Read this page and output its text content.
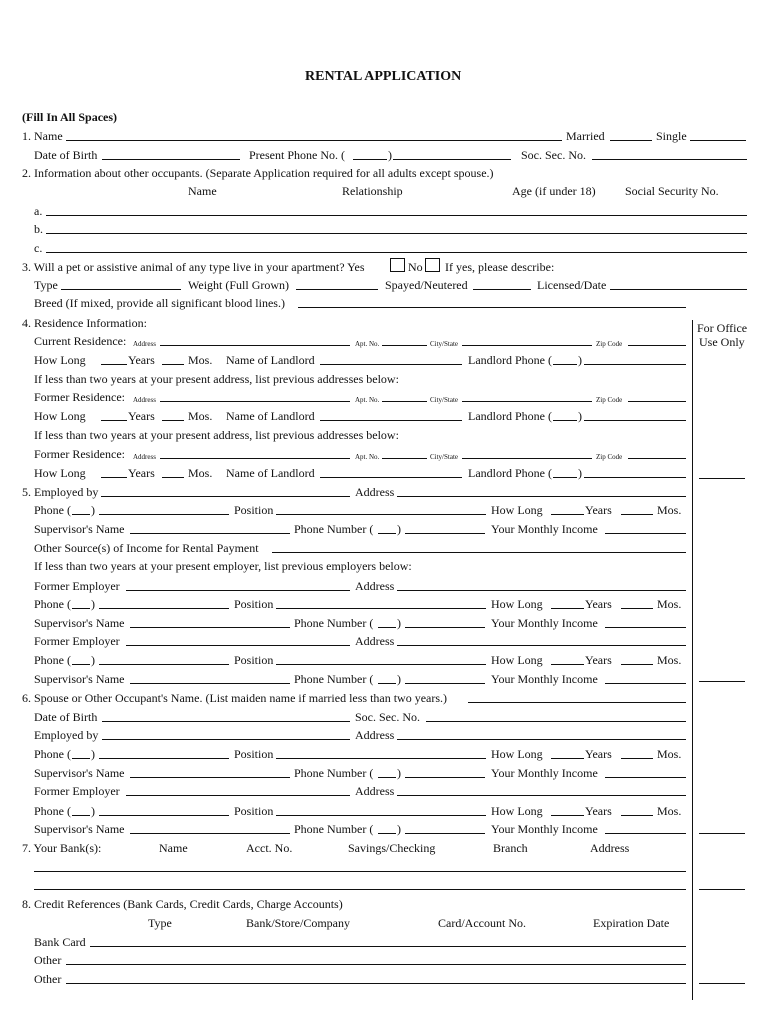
RENTAL APPLICATION
(Fill In All Spaces)
1. Name	Married	Single
Date of Birth	Present Phone No. (	)	Soc. Sec. No.
2. Information about other occupants. (Separate Application required for all adults except spouse.)
Name	Relationship	Age (if under 18) Social Security No.
a.
b.
c.
3. Will a pet or assistive animal of any type live in your apartment? Yes	No If yes, please describe:
Type	Weight (Full Grown)	Spayed/Neutered	Licensed/Date
Breed (If mixed, provide all significant blood lines.)
For Office
Use Only
4. Residence Information:
Current Residence: Address	Apt. No.	City/State	Zip Code
How Long	Years	Mos. Name of Landlord	Landlord Phone ( )
If less than two years at your present address, list previous addresses below:
Former Residence: Address	Apt. No.	City/State	Zip Code
How Long	Years	Mos. Name of Landlord	Landlord Phone ( )
If less than two years at your present address, list previous addresses below:
Former Residence: Address	Apt. No.	City/State	Zip Code
How Long	Years	Mos. Name of Landlord	Landlord Phone ( )
5. Employed by	Address
Phone ( )	Position	How Long	Years	Mos.
Supervisor's Name	Phone Number ( )	Your Monthly Income
Other Source(s) of Income for Rental Payment
If less than two years at your present employer, list previous employers below:
Former Employer	Address
Phone ( )	Position	How Long	Years	Mos.
Supervisor's Name	Phone Number ( )	Your Monthly Income
Former Employer	Address
Phone ( )	Position	How Long	Years	Mos.
Supervisor's Name	Phone Number ( )	Your Monthly Income
6. Spouse or Other Occupant's Name. (List maiden name if married less than two years.)
Date of Birth	Soc. Sec. No.
Employed by	Address
Phone ( )	Position	How Long	Years	Mos.
Supervisor's Name	Phone Number ( )	Your Monthly Income
Former Employer	Address
Phone ( )	Position	How Long	Years	Mos.
Supervisor's Name	Phone Number ( )	Your Monthly Income
7. Your Bank(s):	Name	Acct. No.	Savings/Checking	Branch	Address
8. Credit References (Bank Cards, Credit Cards, Charge Accounts)
Type	Bank/Store/Company	Card/Account No.	Expiration Date
Bank Card
Other
Other
